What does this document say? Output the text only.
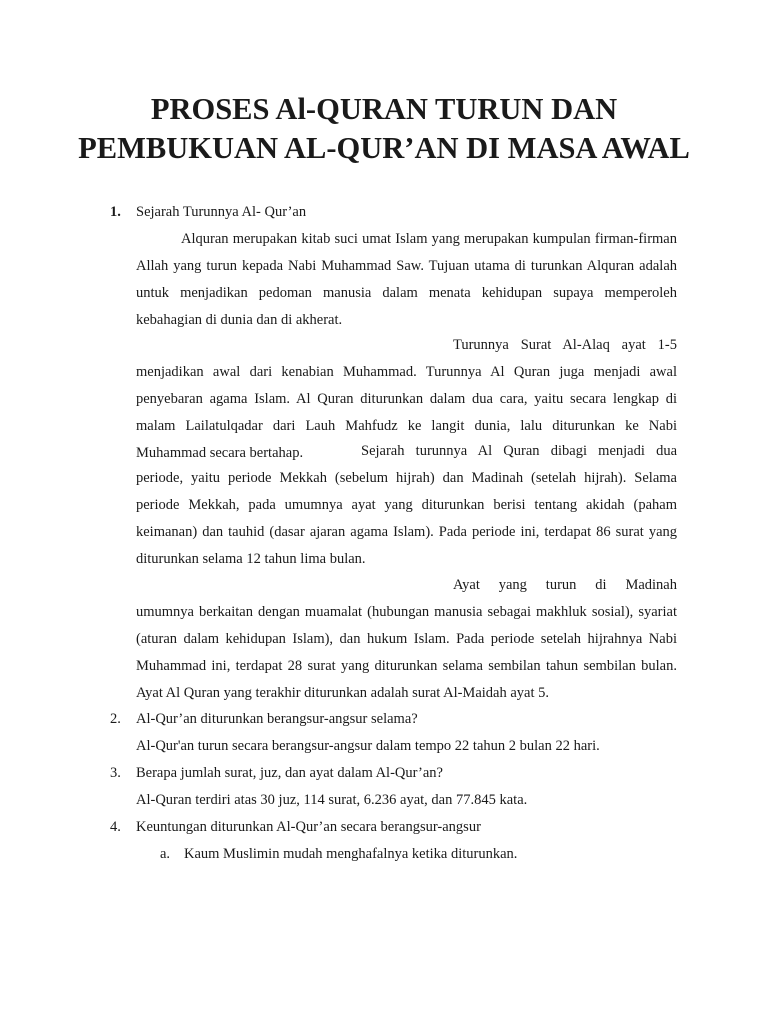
PROSES Al-QURAN TURUN DAN
PEMBUKUAN AL-QUR’AN DI MASA AWAL
1.	Sejarah Turunnya Al- Qur’an

Alquran merupakan kitab suci umat Islam yang merupakan kumpulan firman-firman Allah yang turun kepada Nabi Muhammad Saw. Tujuan utama di turunkan Alquran adalah untuk menjadikan pedoman manusia dalam menata kehidupan supaya memperoleh kebahagian di dunia dan di akherat.

Turunnya Surat Al-Alaq ayat 1-5 menjadikan awal dari kenabian Muhammad. Turunnya Al Quran juga menjadi awal penyebaran agama Islam. Al Quran diturunkan dalam dua cara, yaitu secara lengkap di malam Lailatulqadar dari Lauh Mahfudz ke langit dunia, lalu diturunkan ke Nabi Muhammad secara bertahap.	Sejarah turunnya Al Quran dibagi menjadi dua periode, yaitu periode Mekkah (sebelum hijrah) dan Madinah (setelah hijrah). Selama periode Mekkah, pada umumnya ayat yang diturunkan berisi tentang akidah (paham keimanan) dan tauhid (dasar ajaran agama Islam). Pada periode ini, terdapat 86 surat yang diturunkan selama 12 tahun lima bulan.

Ayat yang turun di Madinah umumnya berkaitan dengan muamalat (hubungan manusia sebagai makhluk sosial), syariat (aturan dalam kehidupan Islam), dan hukum Islam. Pada periode setelah hijrahnya Nabi Muhammad ini, terdapat 28 surat yang diturunkan selama sembilan tahun sembilan bulan. Ayat Al Quran yang terakhir diturunkan adalah surat Al-Maidah ayat 5.

2.	Al-Qur’an diturunkan berangsur-angsur selama?
Al-Qur'an turun secara berangsur-angsur dalam tempo 22 tahun 2 bulan 22 hari.
3.	Berapa jumlah surat, juz, dan ayat dalam Al-Qur’an?
Al-Quran terdiri atas 30 juz, 114 surat, 6.236 ayat, dan 77.845 kata.
4.	Keuntungan diturunkan Al-Qur’an secara berangsur-angsur
a. Kaum Muslimin mudah menghafalnya ketika diturunkan.
